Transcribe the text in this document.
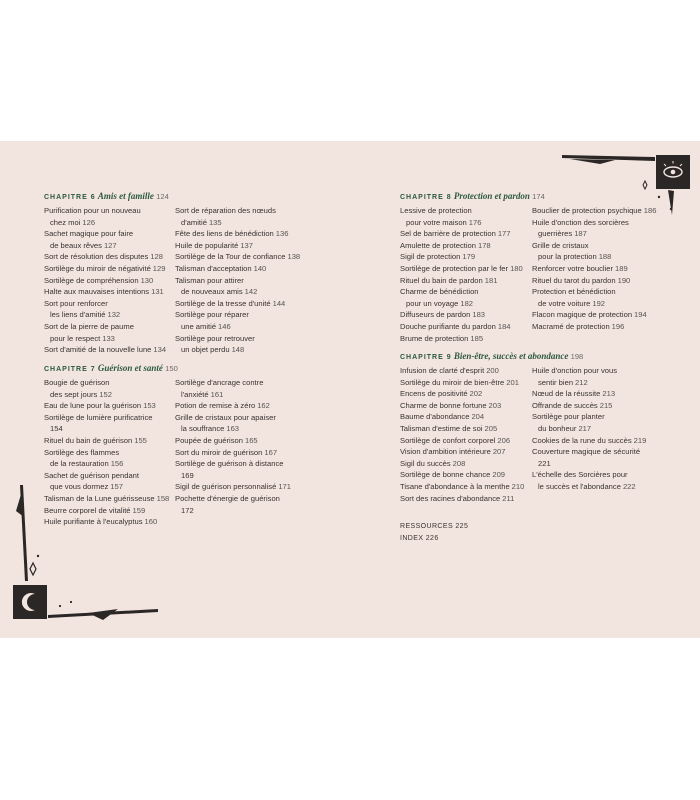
CHAPITRE 6 Amis et famille 124
Purification pour un nouveau
chez moi 126
Sachet magique pour faire
de beaux rêves 127
Sort de résolution des disputes 128
Sortilège du miroir de négativité 129
Sortilège de compréhension 130
Halte aux mauvaises intentions 131
Sort pour renforcer
les liens d'amitié 132
Sort de la pierre de paume
pour le respect 133
Sort d'amitié de la nouvelle lune 134
Sort de réparation des nœuds
d'amitié 135
Fête des liens de bénédiction 136
Huile de popularité 137
Sortilège de la Tour de confiance 138
Talisman d'acceptation 140
Talisman pour attirer
de nouveaux amis 142
Sortilège de la tresse d'unité 144
Sortilège pour réparer
une amitié 146
Sortilège pour retrouver
un objet perdu 148
CHAPITRE 7 Guérison et santé 150
Bougie de guérison
des sept jours 152
Eau de lune pour la guérison 153
Sortilège de lumière purificatrice
154
Rituel du bain de guérison 155
Sortilège des flammes
de la restauration 156
Sachet de guérison pendant
que vous dormez 157
Talisman de la Lune guérisseuse 158
Beurre corporel de vitalité 159
Huile purifiante à l'eucalyptus 160
Sortilège d'ancrage contre
l'anxiété 161
Potion de remise à zéro 162
Grille de cristaux pour apaiser
la souffrance 163
Poupée de guérison 165
Sort du miroir de guérison 167
Sortilège de guérison à distance
169
Sigil de guérison personnalisé 171
Pochette d'énergie de guérison
172
CHAPITRE 8 Protection et pardon 174
Lessive de protection
pour votre maison 176
Sel de barrière de protection 177
Amulette de protection 178
Sigil de protection 179
Sortilège de protection par le fer 180
Rituel du bain de pardon 181
Charme de bénédiction
pour un voyage 182
Diffuseurs de pardon 183
Douche purifiante du pardon 184
Brume de protection 185
Bouclier de protection psychique 186
Huile d'onction des sorcières
guerrières 187
Grille de cristaux
pour la protection 188
Renforcer votre bouclier 189
Rituel du tarot du pardon 190
Protection et bénédiction
de votre voiture 192
Flacon magique de protection 194
Macramé de protection 196
CHAPITRE 9 Bien-être, succès et abondance 198
Infusion de clarté d'esprit 200
Sortilège du miroir de bien-être 201
Encens de positivité 202
Charme de bonne fortune 203
Baume d'abondance 204
Talisman d'estime de soi 205
Sortilège de confort corporel 206
Vision d'ambition intérieure 207
Sigil du succès 208
Sortilège de bonne chance 209
Tisane d'abondance à la menthe 210
Sort des racines d'abondance 211
Huile d'onction pour vous
sentir bien 212
Nœud de la réussite 213
Offrande de succès 215
Sortilège pour planter
du bonheur 217
Cookies de la rune du succès 219
Couverture magique de sécurité
221
L'échelle des Sorcières pour
le succès et l'abondance 222
RESSOURCES 225
INDEX 226
